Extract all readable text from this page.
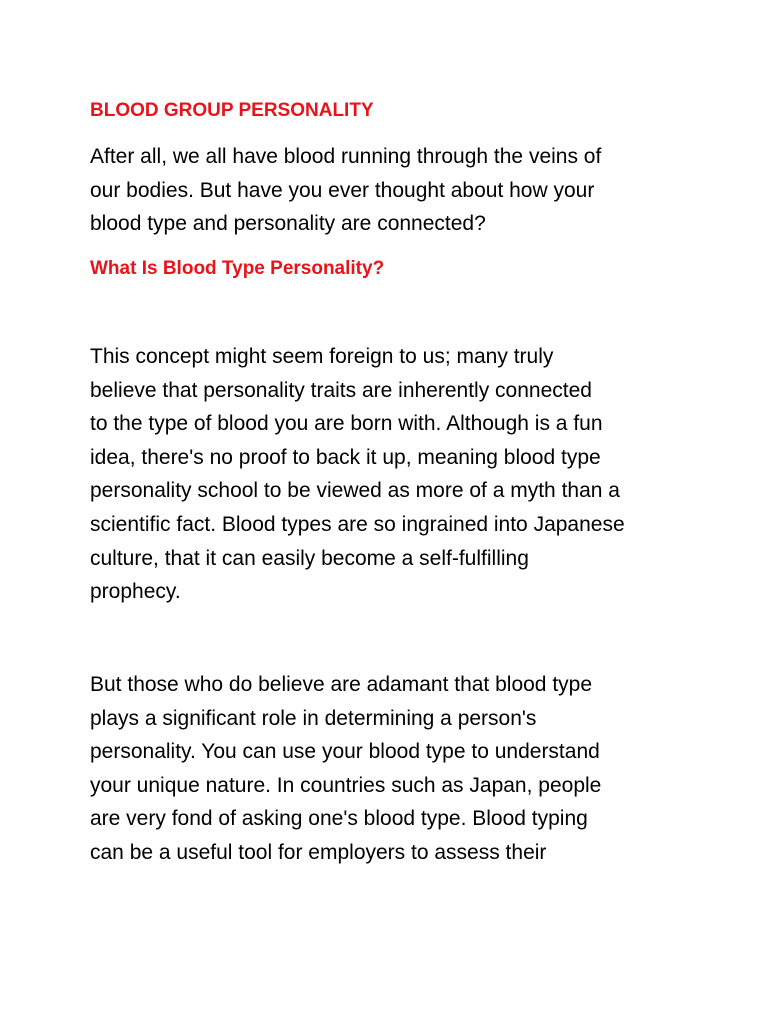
BLOOD GROUP PERSONALITY

After all, we all have blood running through the veins of
our bodies. But have you ever thought about how your
blood type and personality are connected?

What Is Blood Type Personality?

This concept might seem foreign to us; many truly
believe that personality traits are inherently connected
to the type of blood you are born with. Although is a fun
idea, there's no proof to back it up, meaning blood type
personality school to be viewed as more of a myth than a
scientific fact. Blood types are so ingrained into Japanese
culture, that it can easily become a self-fulfilling
prophecy.

But those who do believe are adamant that blood type
plays a significant role in determining a person's
personality. You can use your blood type to understand
your unique nature. In countries such as Japan, people
are very fond of asking one's blood type. Blood typing
can be a useful tool for employers to assess their
